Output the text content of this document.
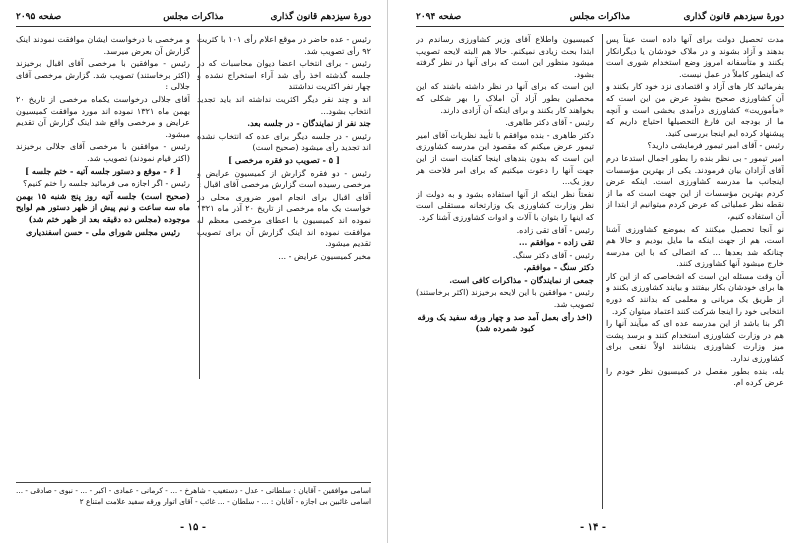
صفحه ۲۰۹۵	مذاکرات مجلس	دورهٔ سیزدهم قانون گذاری

رئیس - عده حاضر در موقع اعلام رأی ۱۰۱ با کثریت ۹۲ رأی تصویب شد.

رئیس - برای انتخاب اعضا دیوان محاسبات که در جلسه گذشته اخذ رأی شد آراء استخراج نشده و چهار نفر اکثریت نداشتند

اند و چند نفر دیگر اکثریت نداشته اند باید تجدید انتخاب بشود...

جند نفر از نمایندگان - در جلسه بعد.

رئیس - در جلسه دیگر برای عده که انتخاب نشده اند تجدید رأی میشود (صحیح است)

[ ۵ - تصویب دو فقره مرخصی ]

رئیس - دو فقره گزارش از کمیسیون عرایض و مرخصی رسیده است گزارش مرخصی آقای اقبال :

آقای اقبال برای انجام امور ضروری محلی در خواست یک ماه مرخصی از تاریخ ۲۰ آذر ماه ۱۳۲۱ نموده اند کمیسیون با اعطای مرخصی معظم له موافقت نموده اند اینک گزارش آن برای تصویب تقدیم میشود.

مخبر کمیسیون عرایض - ...

و مرخصی با درخواست ایشان موافقت نمودند اینک گزارش آن بعرض میرسد.

رئیس - موافقین با مرخصی آقای اقبال برخیزند (اکثر برخاستند) تصویب شد. گزارش مرخصی آقای جلالی :

آقای جلالی درخواست یکماه مرخصی از تاریخ ۲۰ بهمن ماه ۱۳۲۱ نموده اند مورد موافقت کمیسیون عرایض و مرخصی واقع شد اینک گزارش آن تقدیم میشود.

رئیس - موافقین با مرخصی آقای جلالی برخیزند (اکثر قیام نمودند) تصویب شد.

[ ۶ - موقع و دستور جلسه آتیه - ختم جلسه ]

رئیس - اگر اجازه می فرمائید جلسه را ختم کنیم؟

(صحیح است) جلسه آتیه روز پنج شنبه ۱۵ بهمن ماه سه ساعت و نیم پیش از ظهر دستور هم لوایح موجوده (مجلس ده دقیقه بعد از ظهر ختم شد)

رئیس مجلس شورای ملی - حسن اسفندیاری

اسامی موافقین - آقایان : سلطانی - عدل - دستغیب - شاهرخ - ... - کرمانی - عمادی - اکبر - ... - نبوی - صادقی - ... اسامی غائبین بی اجازه - آقایان : ... - سلطان - ... غائب - آقای اتوار ورقه سفید علامت امتناع ۲
- ۱۵ -
صفحه ۲۰۹۴	مذاکرات مجلس	دورهٔ سیزدهم قانون گذاری

مدت تحصیل دولت برای آنها داده است عیناً پس بدهند و آزاد بشوند و در ملاک خودشان یا دیگرانکار بکنند و متأسفانه امروز وضع استخدام شوری است که اینطور کاملاً در عمل نیست.

بفرمائید کار های آزاد و اقتصادی نزد خود کار بکنند و آن کشاورزی صحیح بشود عرض من این است که «مأموریت» کشاورزی درآمدی بخشی است و آنچه ما از بودجه این فارغ التحصیلها احتیاج داریم که پیشنهاد کرده ایم اینجا بررسی کنید.

رئیس - آقای امیر تیمور فرمایشی دارید؟

امیر تیمور - بی نظر بنده را بطور اجمال استدعا درم آقای آزادان بیان فرمودند. یکی از بهترین مؤسسات اینجانب ما مدرسه کشاورزی است. اینکه عرض کردم بهترین مؤسسات از این جهت است که ما از نقطه نظر عملیاتی که عرض کردم میتوانیم از ابتدا از آن استفاده کنیم،

نو آنجا تحصیل میکنند که بموضع کشاورزی آشنا است، هم از جهت اینکه ما مایل بودیم و حالا هم چنانکه شد بعدها ... که اتصالی که با این مدرسه خارج میشود آنها کشاورزی کنند.

آن وقت مسئله این است که اشخاصی که از این کار ها برای خودشان بکار بیفتند و بیایند کشاورزی بکنند و از طریق یک مربانی و معلمی که بدانند که دوره انتخابی خود را اینجا شرکت کنند اعتماد میتوان کرد.

اگر بنا باشد از این مدرسه عده ای که میآیند آنها را هم در وزارت کشاورزی استخدام کنند و برسد پشت میز وزارت کشاورزی بنشانند اولاً نفعی برای کشاورزی ندارد.

بله، بنده بطور مفصل در کمیسیون نظر خودم را عرض کرده ام.

کمیسیون واطلاع آقای وزیر کشاورزی رساندم در ابتدا بحث زیادی نمیکنم. حالا هم البته لایحه تصویب میشود منظور این است که برای آنها در نظر گرفته بشود.

این است که برای آنها در نظر داشته باشند که این محصلین بطور آزاد آن املاک را بهر شکلی که بخواهند کار بکنند و برای اینکه آن آزادی دارند.

رئیس - آقای دکتر طاهری.

دکتر طاهری - بنده موافقم با تأیید نظریات آقای امیر تیمور عرض میکنم که مقصود این مدرسه کشاورزی این است که بدون بندهای اینجا کفایت است از این جهت آنها را دعوت میکنیم که برای امر فلاحت هر روز یک...

نفعتاً نظر اینکه از آنها استفاده بشود و به دولت از نظر وزارت کشاورزی یک وزارتخانه مستقلی است که اینها را بتوان با آلات و ادوات کشاورزی آشنا کرد.

رئیس - آقای تقی زاده.

تقی زاده - موافقم ...

رئیس - آقای دکتر سنگ.

دکتر سنگ - موافقم.

جمعی از نمایندگان - مذاکرات کافی است.

رئیس - موافقین با این لایحه برخیزند (اکثر برخاستند) تصویب شد.

(اخذ رأی بعمل آمد صد و چهار ورقه سفید یک ورقه کبود شمرده شد)

- ۱۴ -
